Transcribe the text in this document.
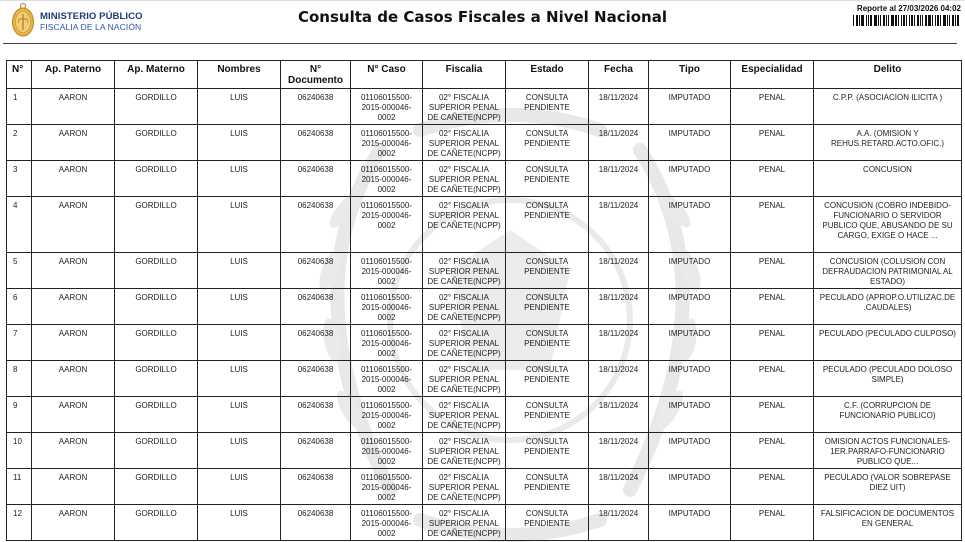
MINISTERIO PÚBLICO
FISCALIA DE LA NACIÓN
Consulta de Casos Fiscales a Nivel Nacional	Reporte al 27/03/2026 04:02
N°	Ap. Paterno	Ap. Materno	Nombres	N° Documento	N° Caso	Fiscalia	Estado	Fecha	Tipo	Especialidad	Delito
1	AARON	GORDILLO	LUIS	06240638	01106015500-2015-000046-0002	02° FISCALIA SUPERIOR PENAL DE CAÑETE(NCPP)	CONSULTA PENDIENTE	18/11/2024	IMPUTADO	PENAL	C.P.P. (ASOCIACION ILICITA )
2	AARON	GORDILLO	LUIS	06240638	01106015500-2015-000046-0002	02° FISCALIA SUPERIOR PENAL DE CAÑETE(NCPP)	CONSULTA PENDIENTE	18/11/2024	IMPUTADO	PENAL	A.A. (OMISION Y REHUS.RETARD.ACTO.OFIC.)
3	AARON	GORDILLO	LUIS	06240638	01106015500-2015-000046-0002	02° FISCALIA SUPERIOR PENAL DE CAÑETE(NCPP)	CONSULTA PENDIENTE	18/11/2024	IMPUTADO	PENAL	CONCUSION
4	AARON	GORDILLO	LUIS	06240638	01106015500-2015-000046-0002	02° FISCALIA SUPERIOR PENAL DE CAÑETE(NCPP)	CONSULTA PENDIENTE	18/11/2024	IMPUTADO	PENAL	CONCUSION (COBRO INDEBIDO-FUNCIONARIO O SERVIDOR PUBLICO QUE, ABUSANDO DE SU CARGO, EXIGE O HACE ...
5	AARON	GORDILLO	LUIS	06240638	01106015500-2015-000046-0002	02° FISCALIA SUPERIOR PENAL DE CAÑETE(NCPP)	CONSULTA PENDIENTE	18/11/2024	IMPUTADO	PENAL	CONCUSION (COLUSION CON DEFRAUDACION PATRIMONIAL AL ESTADO)
6	AARON	GORDILLO	LUIS	06240638	01106015500-2015-000046-0002	02° FISCALIA SUPERIOR PENAL DE CAÑETE(NCPP)	CONSULTA PENDIENTE	18/11/2024	IMPUTADO	PENAL	PECULADO (APROP.O.UTILIZAC.DE .CAUDALES)
7	AARON	GORDILLO	LUIS	06240638	01106015500-2015-000046-0002	02° FISCALIA SUPERIOR PENAL DE CAÑETE(NCPP)	CONSULTA PENDIENTE	18/11/2024	IMPUTADO	PENAL	PECULADO (PECULADO CULPOSO)
8	AARON	GORDILLO	LUIS	06240638	01106015500-2015-000046-0002	02° FISCALIA SUPERIOR PENAL DE CAÑETE(NCPP)	CONSULTA PENDIENTE	18/11/2024	IMPUTADO	PENAL	PECULADO (PECULADO DOLOSO SIMPLE)
9	AARON	GORDILLO	LUIS	06240638	01106015500-2015-000046-0002	02° FISCALIA SUPERIOR PENAL DE CAÑETE(NCPP)	CONSULTA PENDIENTE	18/11/2024	IMPUTADO	PENAL	C.F. (CORRUPCION DE FUNCIONARIO PUBLICO)
10	AARON	GORDILLO	LUIS	06240638	01106015500-2015-000046-0002	02° FISCALIA SUPERIOR PENAL DE CAÑETE(NCPP)	CONSULTA PENDIENTE	18/11/2024	IMPUTADO	PENAL	OMISION ACTOS FUNCIONALES-1ER.PARRAFO-FUNCIONARIO PUBLICO QUE...
11	AARON	GORDILLO	LUIS	06240638	01106015500-2015-000046-0002	02° FISCALIA SUPERIOR PENAL DE CAÑETE(NCPP)	CONSULTA PENDIENTE	18/11/2024	IMPUTADO	PENAL	PECULADO (VALOR SOBREPASE DIEZ UIT)
12	AARON	GORDILLO	LUIS	06240638	01106015500-2015-000046-0002	02° FISCALIA SUPERIOR PENAL DE CAÑETE(NCPP)	CONSULTA PENDIENTE	18/11/2024	IMPUTADO	PENAL	FALSIFICACION DE DOCUMENTOS EN GENERAL
